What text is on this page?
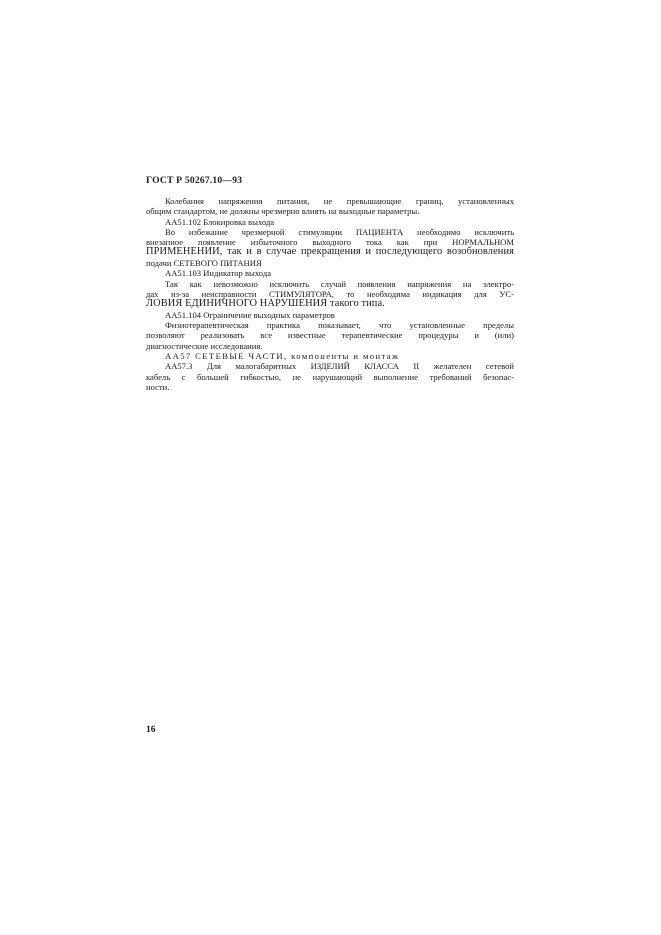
ГОСТ Р 50267.10—93
Колебания напряжения питания, не превышающие границ, установленных
общим стандартом, не должны чрезмерно влиять на выходные параметры.
АА51.102 Блокировка выхода
Во избежание чрезмерной стимуляции ПАЦИЕНТА необходимо исключить
внезапное появление избыточного выходного тока как при НОРМАЛЬНОМ
ПРИМЕНЕНИИ, так и в случае прекращения и последующего возобновления
подачи СЕТЕВОГО ПИТАНИЯ
АА51.103 Индикатор выхода
Так как невозможно исключить случай появления напряжения на электро-
дах из-за неисправности СТИМУЛЯТОРА, то необходима индикация для УС-
ЛОВИЯ ЕДИНИЧНОГО НАРУШЕНИЯ такого типа.
АА51.104 Ограничение выходных параметров
Физиотерапевтическая практика показывает, что установленные пределы
позволяют реализовать все известные терапевтические процедуры и (или)
диагностические исследования.
АА57 СЕТЕВЫЕ ЧАСТИ, компоненты и монтаж
АА57.3 Для малогабаритных ИЗДЕЛИЙ КЛАССА II желателен сетевой
кабель с большей гибкостью, не нарушающий выполнение требований безопас-
ности.
16
